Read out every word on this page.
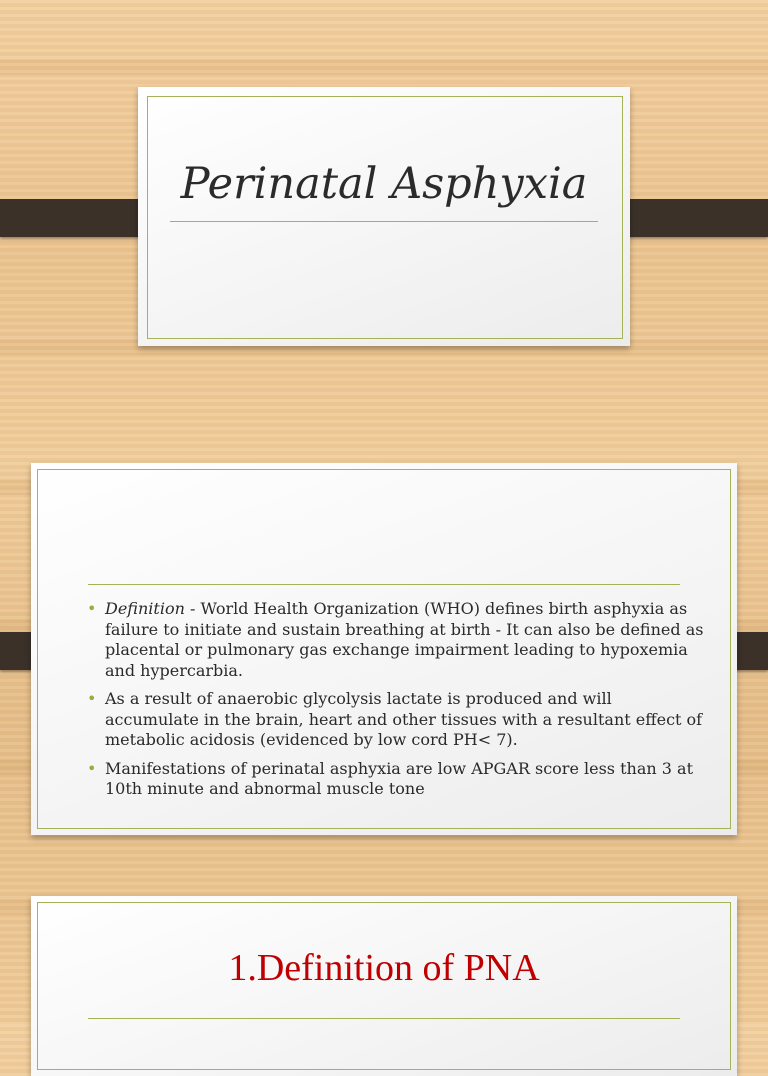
Perinatal Asphyxia
• Definition - World Health Organization (WHO) defines birth asphyxia as failure to initiate and sustain breathing at birth - It can also be defined as placental or pulmonary gas exchange impairment leading to hypoxemia and hypercarbia.
• As a result of anaerobic glycolysis lactate is produced and will accumulate in the brain, heart and other tissues with a resultant effect of metabolic acidosis (evidenced by low cord PH< 7).
• Manifestations of perinatal asphyxia are low APGAR score less than 3 at 10th minute and abnormal muscle tone
1.Definition of PNA
